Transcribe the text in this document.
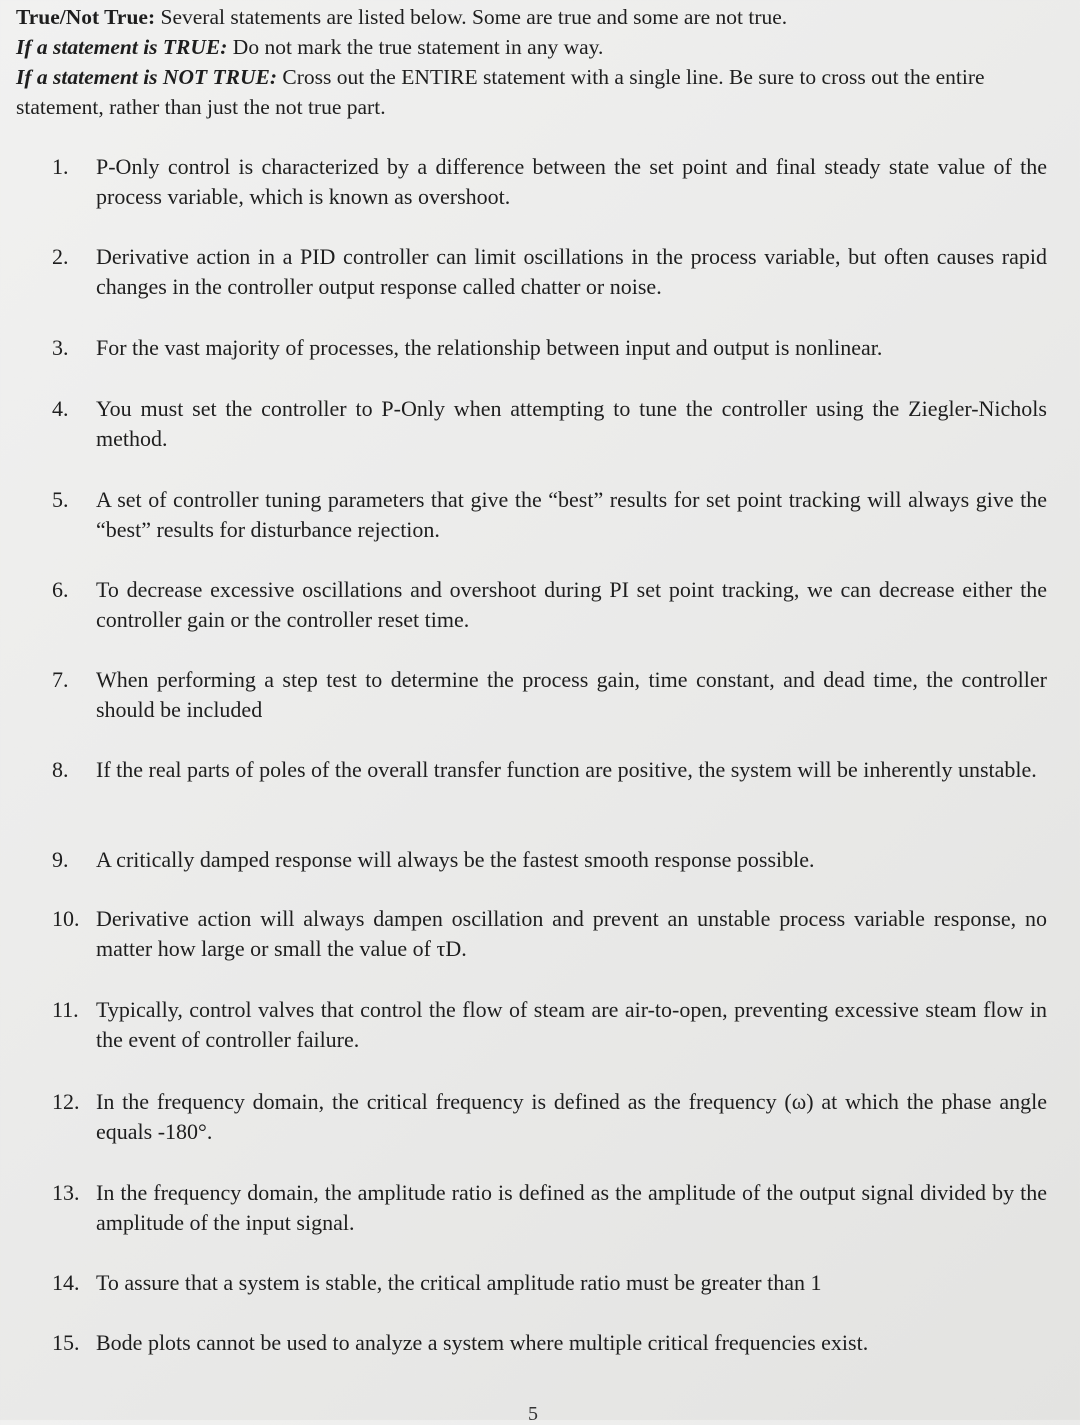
True/Not True: Several statements are listed below. Some are true and some are not true.

If a statement is TRUE: Do not mark the true statement in any way.

If a statement is NOT TRUE: Cross out the ENTIRE statement with a single line. Be sure to cross out the entire statement, rather than just the not true part.

1.	P-Only control is characterized by a difference between the set point and final steady state value of the process variable, which is known as overshoot.
2.	Derivative action in a PID controller can limit oscillations in the process variable, but often causes rapid changes in the controller output response called chatter or noise.
3.	For the vast majority of processes, the relationship between input and output is nonlinear.
4.	You must set the controller to P-Only when attempting to tune the controller using the Ziegler-Nichols method.
5.	A set of controller tuning parameters that give the “best” results for set point tracking will always give the “best” results for disturbance rejection.
6.	To decrease excessive oscillations and overshoot during PI set point tracking, we can decrease either the controller gain or the controller reset time.
7.	When performing a step test to determine the process gain, time constant, and dead time, the controller should be included
8.	If the real parts of poles of the overall transfer function are positive, the system will be inherently unstable.
9.	A critically damped response will always be the fastest smooth response possible.
10. Derivative action will always dampen oscillation and prevent an unstable process variable response, no matter how large or small the value of τD.
11. Typically, control valves that control the flow of steam are air-to-open, preventing excessive steam flow in the event of controller failure.
12. In the frequency domain, the critical frequency is defined as the frequency (ω) at which the phase angle equals -180°.
13. In the frequency domain, the amplitude ratio is defined as the amplitude of the output signal divided by the amplitude of the input signal.
14. To assure that a system is stable, the critical amplitude ratio must be greater than 1
15. Bode plots cannot be used to analyze a system where multiple critical frequencies exist.
5
